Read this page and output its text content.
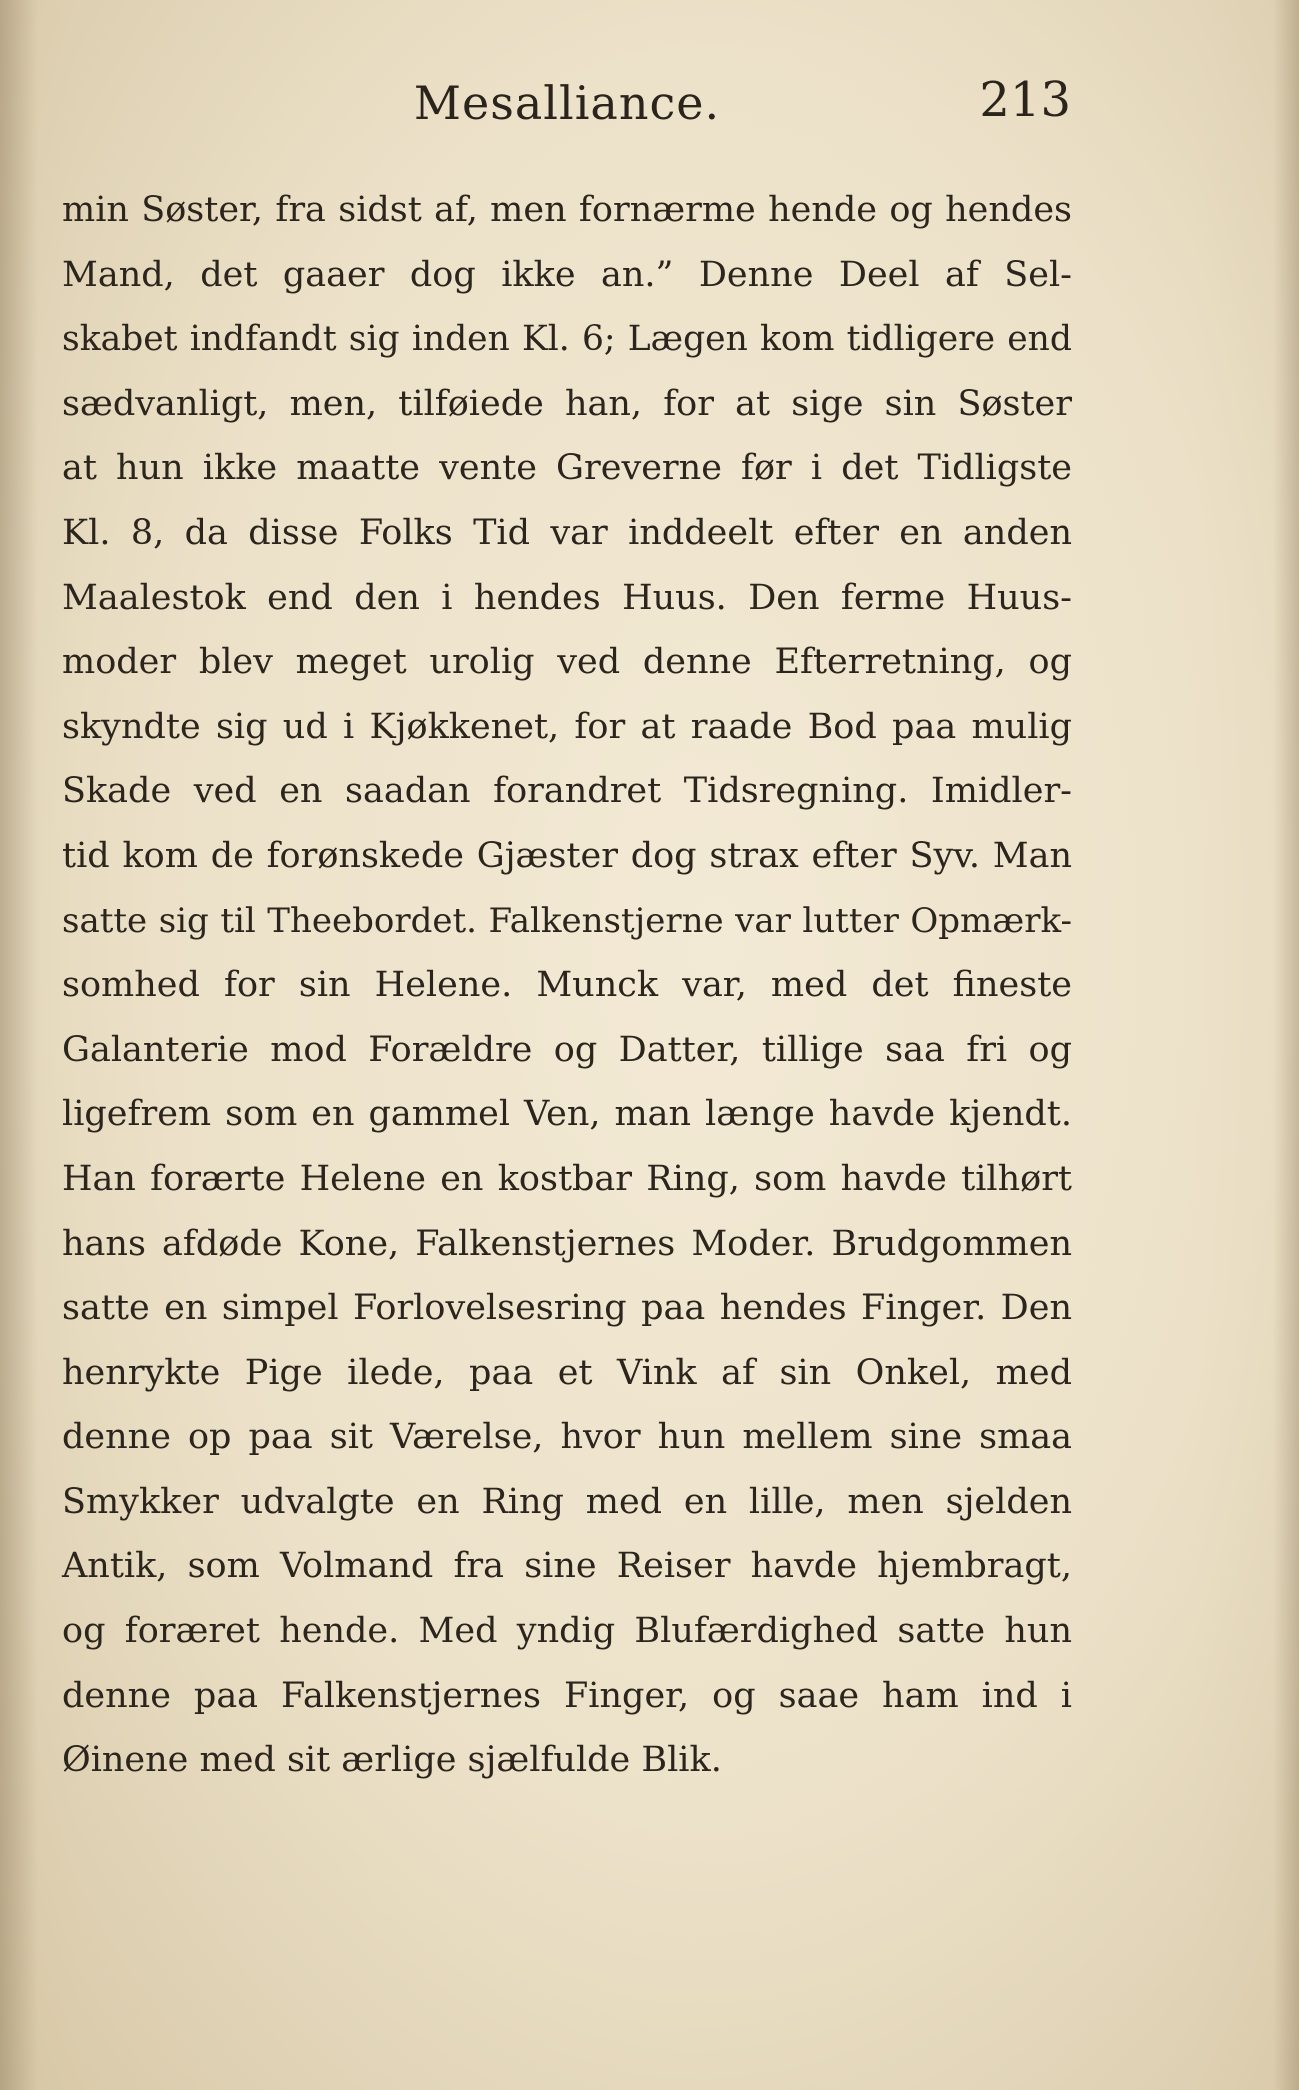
Mesalliance.	213
min Søster, fra sidst af, men fornærme hende og hendes
Mand, det gaaer dog ikke an.” Denne Deel af Sel-
skabet indfandt sig inden Kl. 6; Lægen kom tidligere end
sædvanligt, men, tilføiede han, for at sige sin Søster
at hun ikke maatte vente Greverne før i det Tidligste
Kl. 8, da disse Folks Tid var inddeelt efter en anden
Maalestok end den i hendes Huus. Den ferme Huus-
moder blev meget urolig ved denne Efterretning, og
skyndte sig ud i Kjøkkenet, for at raade Bod paa mulig
Skade ved en saadan forandret Tidsregning. Imidler-
tid kom de forønskede Gjæster dog strax efter Syv. Man
satte sig til Theebordet. Falkenstjerne var lutter Opmærk-
somhed for sin Helene. Munck var, med det fineste
Galanterie mod Forældre og Datter, tillige saa fri og
ligefrem som en gammel Ven, man længe havde kjendt.
Han forærte Helene en kostbar Ring, som havde tilhørt
hans afdøde Kone, Falkenstjernes Moder. Brudgommen
satte en simpel Forlovelsesring paa hendes Finger. Den
henrykte Pige ilede, paa et Vink af sin Onkel, med
denne op paa sit Værelse, hvor hun mellem sine smaa
Smykker udvalgte en Ring med en lille, men sjelden
Antik, som Volmand fra sine Reiser havde hjembragt,
og foræret hende. Med yndig Blufærdighed satte hun
denne paa Falkenstjernes Finger, og saae ham ind i
Øinene med sit ærlige sjælfulde Blik.
